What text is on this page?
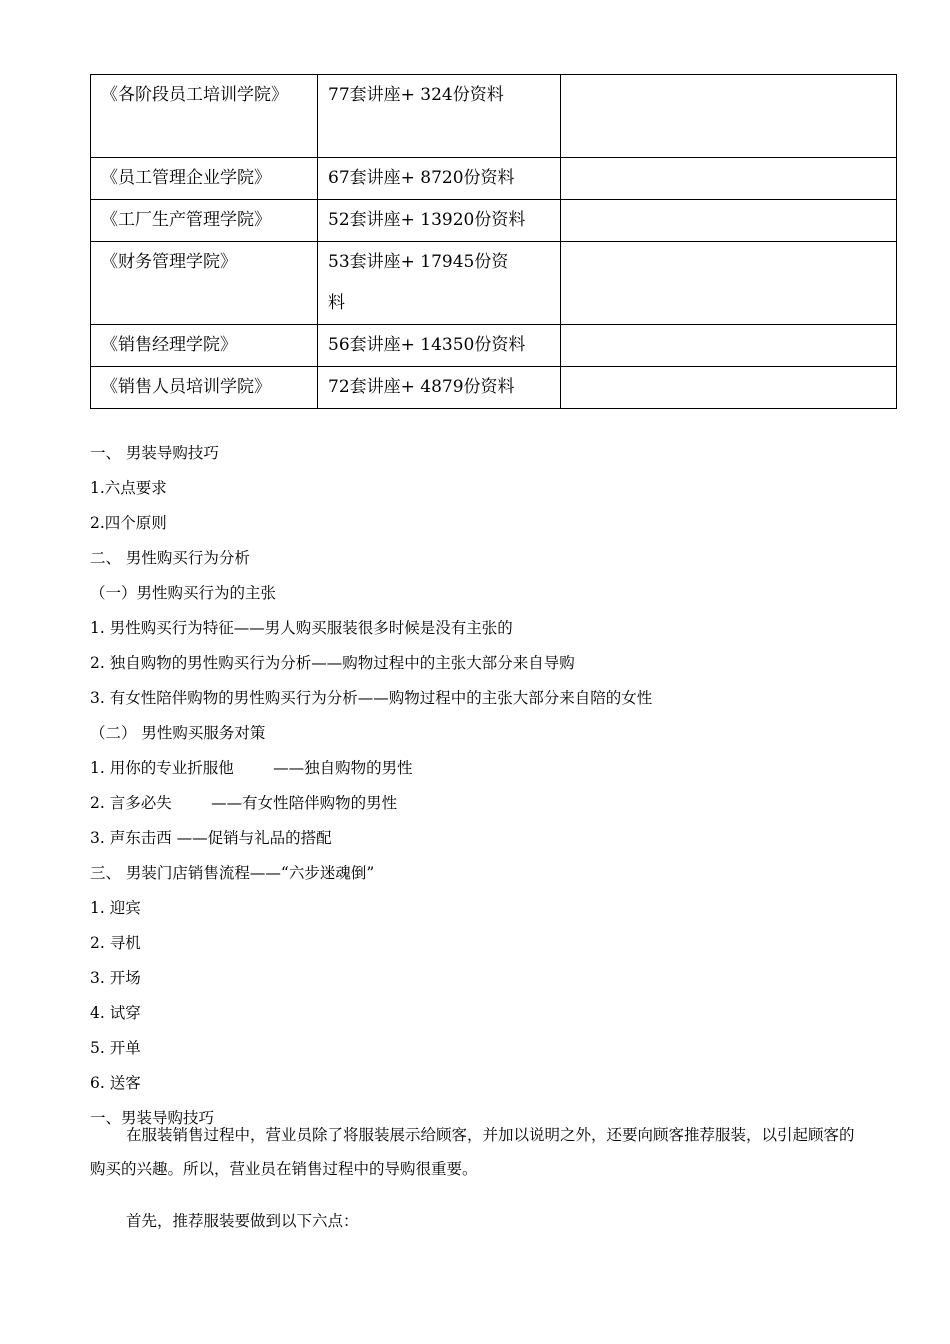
《各阶段员工培训学院》	77套讲座+ 324份资料	
《员工管理企业学院》	67套讲座+ 8720份资料	
《工厂生产管理学院》	52套讲座+ 13920份资料	
《财务管理学院》	53套讲座+ 17945份资料	
《销售经理学院》	56套讲座+ 14350份资料	
《销售人员培训学院》	72套讲座+ 4879份资料	
一、 男装导购技巧
1.六点要求
2.四个原则
二、 男性购买行为分析
（一）男性购买行为的主张
1. 男性购买行为特征——男人购买服装很多时候是没有主张的
2. 独自购物的男性购买行为分析——购物过程中的主张大部分来自导购
3. 有女性陪伴购物的男性购买行为分析——购物过程中的主张大部分来自陪的女性
（二） 男性购买服务对策
1. 用你的专业折服他        ——独自购物的男性
2. 言多必失        ——有女性陪伴购物的男性
3. 声东击西 ——促销与礼品的搭配
三、 男装门店销售流程——“六步迷魂倒”
1. 迎宾
2. 寻机
3. 开场
4. 试穿
5. 开单
6. 送客
一、男装导购技巧

在服装销售过程中，营业员除了将服装展示给顾客，并加以说明之外，还要向顾客推荐服装，以引起顾客的购买的兴趣。所以，营业员在销售过程中的导购很重要。

首先，推荐服装要做到以下六点：
